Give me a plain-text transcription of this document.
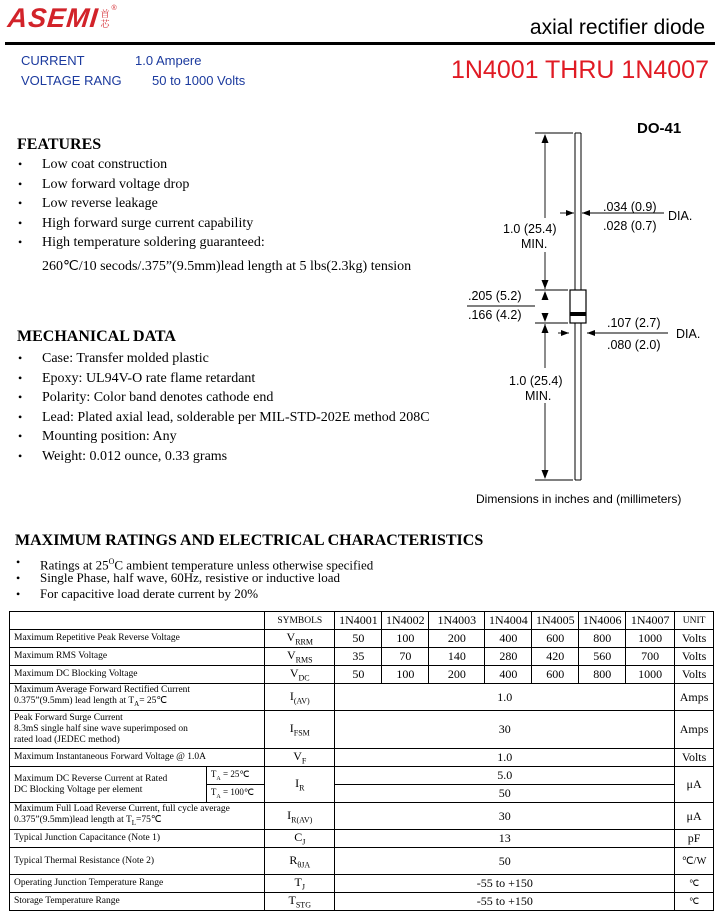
ASEMI 首芯
®
axial rectifier diode
CURRENT	1.0 Ampere
VOLTAGE RANG 50 to 1000 Volts	1N4001 THRU 1N4007
DO-41
FEATURES
• Low coat construction
• Low forward voltage drop
• Low reverse leakage
• High forward surge current capability
• High temperature soldering guaranteed:
260℃/10 secods/.375”(9.5mm)lead length at 5 lbs(2.3kg) tension
MECHANICAL DATA
• Case: Transfer molded plastic
• Epoxy: UL94V-O rate flame retardant
• Polarity: Color band denotes cathode end
• Lead: Plated axial lead, solderable per MIL-STD-202E method 208C
• Mounting position: Any
• Weight: 0.012 ounce, 0.33 grams
.034 (0.9)
.028 (0.7)
DIA.
1.0 (25.4)
MIN.
.205 (5.2)
.166 (4.2)
.107 (2.7)
.080 (2.0)
DIA.
1.0 (25.4)
MIN.
Dimensions in inches and (millimeters)
MAXIMUM RATINGS AND ELECTRICAL CHARACTERISTICS
• Ratings at $25^OC$ ambient temperature unless otherwise specified
• Single Phase, half wave, 60Hz, resistive or inductive load
• For capacitive load derate current by 20%
		SYMBOLS	1N4001	1N4002	1N4003	1N4004	1N4005	1N4006	1N4007	UNIT
Maximum Repetitive Peak Reverse Voltage		$V_{RRM}$	50	100	200	400	600	800	1000	Volts
Maximum RMS Voltage		$V_{RMS}$	35	70	140	280	420	560	700	Volts
Maximum DC Blocking Voltage		$V_{DC}$	50	100	200	400	600	800	1000	Volts
Maximum Average Forward Rectified Current
0.375”(9.5mm) lead length at $T_A=$ 25℃		$I_{(AV)}$	1.0							Amps
Peak Forward Surge Current
8.3mS single half sine wave superimposed on
rated load (JEDEC method)		$I_{FSM}$	30							Amps
Maximum Instantaneous Forward Voltage @ 1.0A		$V_F$	1.0							Volts
Maximum DC Reverse Current at Rated
DC Blocking Voltage per element	$T_A$ = 25℃	$I_R$	5.0							μA
	$T_A$ = 100℃		50							
Maximum Full Load Reverse Current, full cycle average
0.375”(9.5mm)lead length at $T_L=75℃$		$I_{R(AV)}$	30							μA
Typical Junction Capacitance (Note 1)		$C_J$	13							pF
Typical Thermal Resistance (Note 2)		$R_{\theta JA}$	50							℃/W
Operating Junction Temperature Range		$T_J$	-55 to +150							℃
Storage Temperature Range		$T_{STG}$	-55 to +150							℃
